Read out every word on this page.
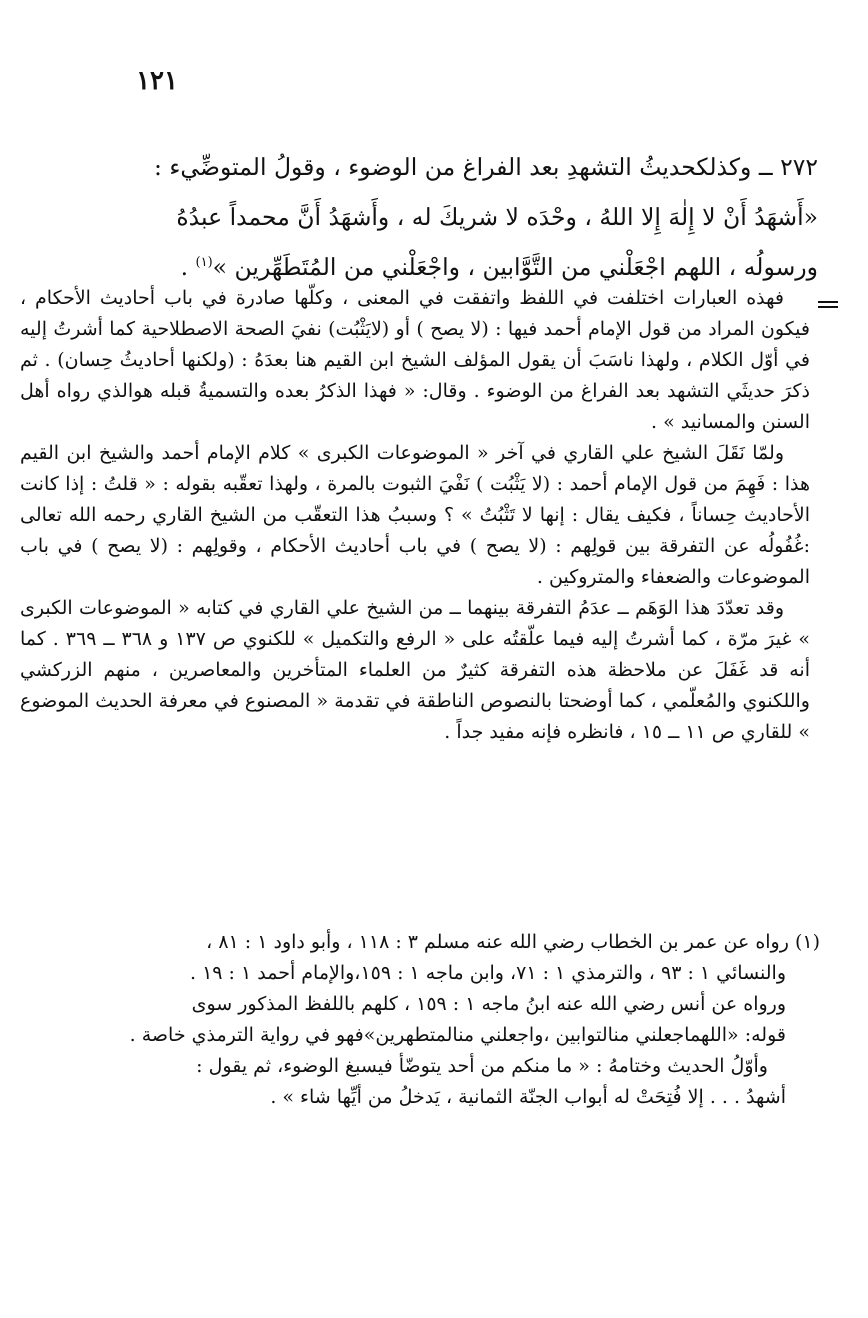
١٢١

٢٧٢ ــ وكذلكحديثُ التشهدِ بعد الفراغ من الوضوء ، وقولُ المتوضِّيء :

«أَشهَدُ أَنْ لا إِلٰهَ إِلا اللهُ ، وحْدَه لا شريكَ له ، وأَشهَدُ أَنَّ محمداً عبدُهُ

ورسولُه ، اللهم اجْعَلْني من التَّوَّابين ، واجْعَلْني من المُتَطَهِّرين »$^{(١)}$ .

فهذه العبارات اختلفت في اللفظ واتفقت في المعنى ، وكلّها صادرة في باب أحاديث الأحكام ، فيكون المراد من قول الإمام أحمد فيها : (لا يصح ) أو (لايَثْبُت) نفيَ الصحة الاصطلاحية كما أشرتُ إليه في أوّل الكلام ، ولهذا ناسَبَ أن يقول المؤلف الشيخ ابن القيم هنا بعدَهُ : (ولكنها أحاديثُ حِسان) . ثم ذكرَ حديثَي التشهد بعد الفراغ من الوضوء . وقال: « فهذا الذكرُ بعده والتسميةُ قبله هوالذي رواه أهل السنن والمسانيد » .

ولمّا نَقَلَ الشيخ علي القاري في آخر « الموضوعات الكبرى » كلام الإمام أحمد والشيخ ابن القيم هذا : فَهِمَ من قول الإمام أحمد : (لا يَثْبُت ) نَفْيَ الثبوت بالمرة ، ولهذا تعقّبه بقوله : « قلتُ : إذا كانت الأحاديث حِساناً ، فكيف يقال : إنها لا تَثْبُتُ » ؟ وسببُ هذا التعقّب من الشيخ القاري رحمه الله تعالى :غُفُولُه عن التفرقة بين قولِهم : (لا يصح ) في باب أحاديث الأحكام ، وقولِهم : (لا يصح ) في باب الموضوعات والضعفاء والمتروكين .

وقد تعدّدَ هذا الوَهَم ــ عدَمُ التفرقة بينهما ــ من الشيخ علي القاري في كتابه « الموضوعات الكبرى » غيرَ مرّة ، كما أشرتُ إليه فيما علّقتُه على « الرفع والتكميل » للكنوي ص ١٣٧ و ٣٦٨ ــ ٣٦٩ . كما أنه قد غَفَلَ عن ملاحظة هذه التفرقة كثيرٌ من العلماء المتأخرين والمعاصرين ، منهم الزركشي واللكنوي والمُعلّمي ، كما أوضحتا بالنصوص الناطقة في تقدمة « المصنوع في معرفة الحديث الموضوع » للقاري ص ١١ ــ ١٥ ، فانظره فإنه مفيد جداً .

(١) رواه عن عمر بن الخطاب رضي الله عنه مسلم ٣ : ١١٨ ، وأبو داود ١ : ٨١ ،

والنسائي ١ : ٩٣ ، والترمذي ١ : ٧١، وابن ماجه ١ : ١٥٩،والإمام أحمد ١ : ١٩ .

ورواه عن أنس رضي الله عنه ابنُ ماجه ١ : ١٥٩ ، كلهم باللفظ المذكور سوى

قوله: «اللهماجعلني منالتوابين ،واجعلني منالمتطهرين»فهو في رواية الترمذي خاصة .

وأوّلُ الحديث وختامهُ : « ما منكم من أحد يتوضّأ فيسبغ الوضوء، ثم يقول :

أشهدُ . . . إلا فُتِحَتْ له أبواب الجنّة الثمانية ، يَدخلُ من أيِّها شاء » .
